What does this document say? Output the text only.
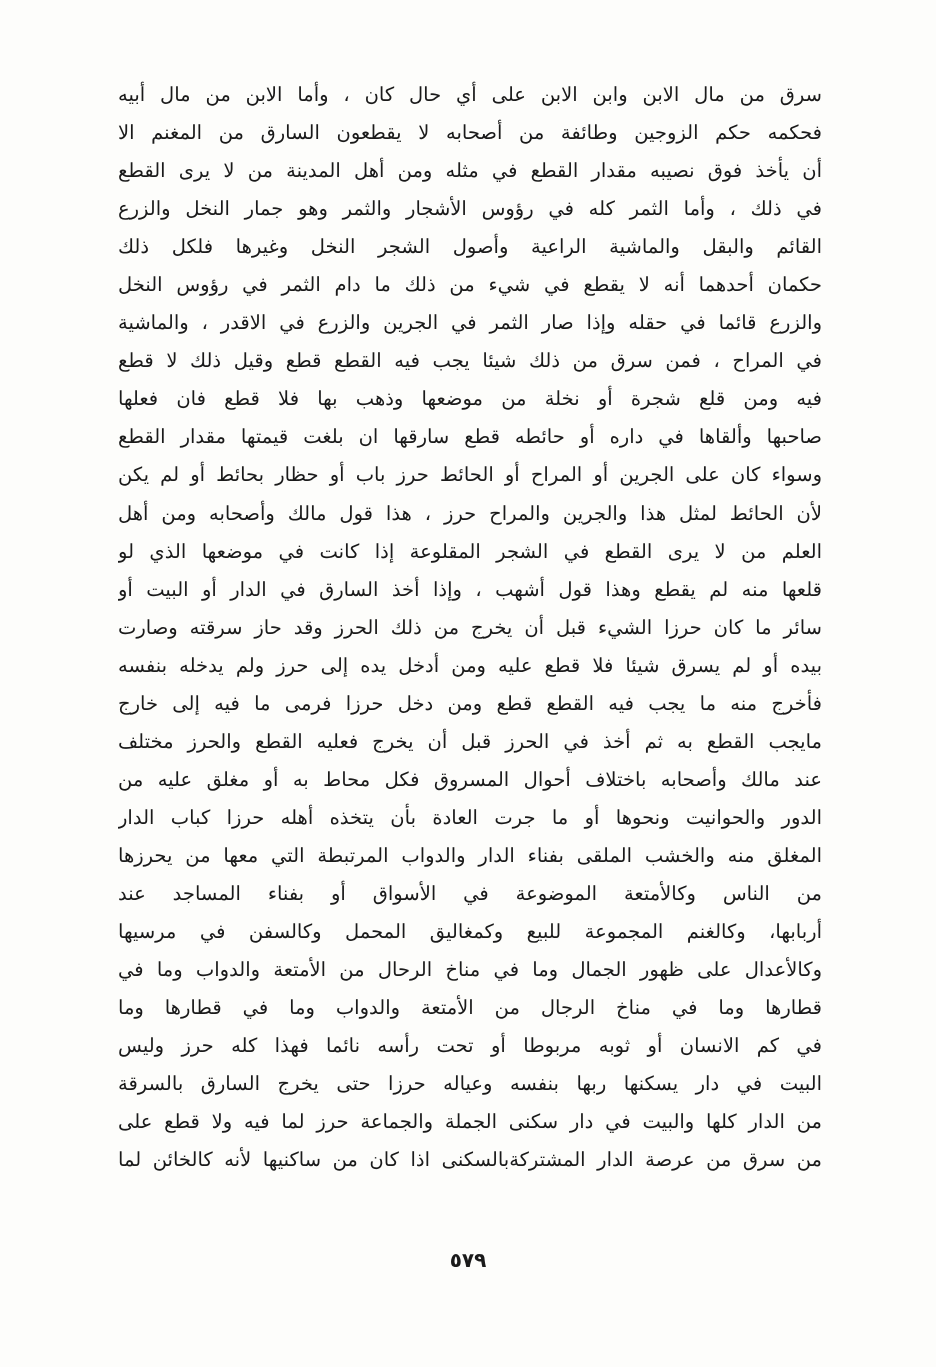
سرق من مال الابن وابن الابن على أي حال كان ، وأما الابن من مال أبيه
فحكمه حكم الزوجين وطائفة من أصحابه لا يقطعون السارق من المغنم الا
أن يأخذ فوق نصيبه مقدار القطع في مثله ومن أهل المدينة من لا يرى القطع
في ذلك ، وأما الثمر كله في رؤوس الأشجار والثمر وهو جمار النخل والزرع
القائم والبقل والماشية الراعية وأصول الشجر النخل وغيرها فلكل ذلك
حكمان أحدهما أنه لا يقطع في شيء من ذلك ما دام الثمر في رؤوس النخل
والزرع قائما في حقله وإذا صار الثمر في الجرين والزرع في الاقدر ، والماشية
في المراح ، فمن سرق من ذلك شيئا يجب فيه القطع قطع وقيل ذلك لا قطع
فيه ومن قلع شجرة أو نخلة من موضعها وذهب بها فلا قطع فان فعلها
صاحبها وألقاها في داره أو حائطه قطع سارقها ان بلغت قيمتها مقدار القطع
وسواء كان على الجرين أو المراح أو الحائط حرز باب أو حظار بحائط أو لم يكن
لأن الحائط لمثل هذا والجرين والمراح حرز ، هذا قول مالك وأصحابه ومن أهل
العلم من لا يرى القطع في الشجر المقلوعة إذا كانت في موضعها الذي لو
قلعها منه لم يقطع وهذا قول أشهب ، وإذا أخذ السارق في الدار أو البيت أو
سائر ما كان حرزا الشيء قبل أن يخرج من ذلك الحرز وقد حاز سرقته وصارت
بيده أو لم يسرق شيئا فلا قطع عليه ومن أدخل يده إلى حرز ولم يدخله بنفسه
فأخرج منه ما يجب فيه القطع قطع ومن دخل حرزا فرمى ما فيه إلى خارج
مايجب القطع به ثم أخذ في الحرز قبل أن يخرج فعليه القطع والحرز مختلف
عند مالك وأصحابه باختلاف أحوال المسروق فكل محاط به أو مغلق عليه من
الدور والحوانيت ونحوها أو ما جرت العادة بأن يتخذه أهله حرزا كباب الدار
المغلق منه والخشب الملقى بفناء الدار والدواب المرتبطة التي معها من يحرزها
من الناس وكالأمتعة الموضوعة في الأسواق أو بفناء المساجد عند
أربابها، وكالغنم المجموعة للبيع وكمغاليق المحمل وكالسفن في مرسيها
وكالأعدال على ظهور الجمال وما في مناخ الرحال من الأمتعة والدواب وما في
قطارها وما في مناخ الرجال من الأمتعة والدواب وما في قطارها وما
في كم الانسان أو ثوبه مربوطا أو تحت رأسه نائما فهذا كله حرز وليس
البيت في دار يسكنها ربها بنفسه وعياله حرزا حتى يخرج السارق بالسرقة
من الدار كلها والبيت في دار سكنى الجملة والجماعة حرز لما فيه ولا قطع على
من سرق من عرصة الدار المشتركةبالسكنى اذا كان من ساكنيها لأنه كالخائن لما
٥٧٩
